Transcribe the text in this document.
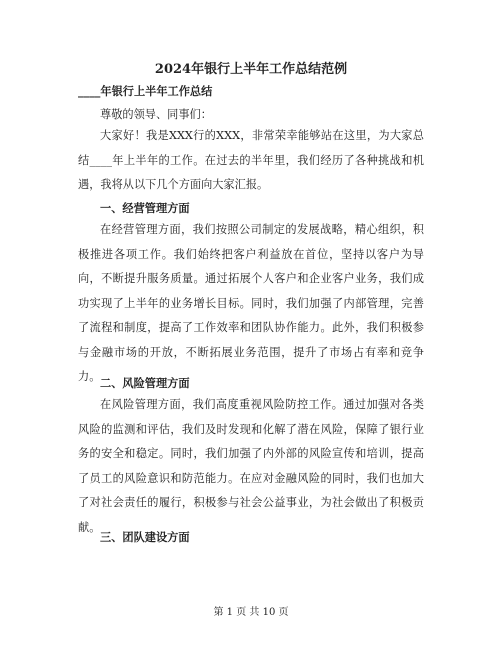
2024年银行上半年工作总结范例

____年银行上半年工作总结

尊敬的领导、同事们：

大家好！我是XXX行的XXX，非常荣幸能够站在这里，为大家总结____年上半年的工作。在过去的半年里，我们经历了各种挑战和机遇，我将从以下几个方面向大家汇报。

一、经营管理方面

在经营管理方面，我们按照公司制定的发展战略，精心组织，积极推进各项工作。我们始终把客户利益放在首位，坚持以客户为导向，不断提升服务质量。通过拓展个人客户和企业客户业务，我们成功实现了上半年的业务增长目标。同时，我们加强了内部管理，完善了流程和制度，提高了工作效率和团队协作能力。此外，我们积极参与金融市场的开放，不断拓展业务范围，提升了市场占有率和竞争力。 二、风险管理方面

在风险管理方面，我们高度重视风险防控工作。通过加强对各类风险的监测和评估，我们及时发现和化解了潜在风险，保障了银行业务的安全和稳定。同时，我们加强了内外部的风险宣传和培训，提高了员工的风险意识和防范能力。在应对金融风险的同时，我们也加大了对社会责任的履行，积极参与社会公益事业，为社会做出了积极贡献。

三、团队建设方面

第 1 页 共 10 页
